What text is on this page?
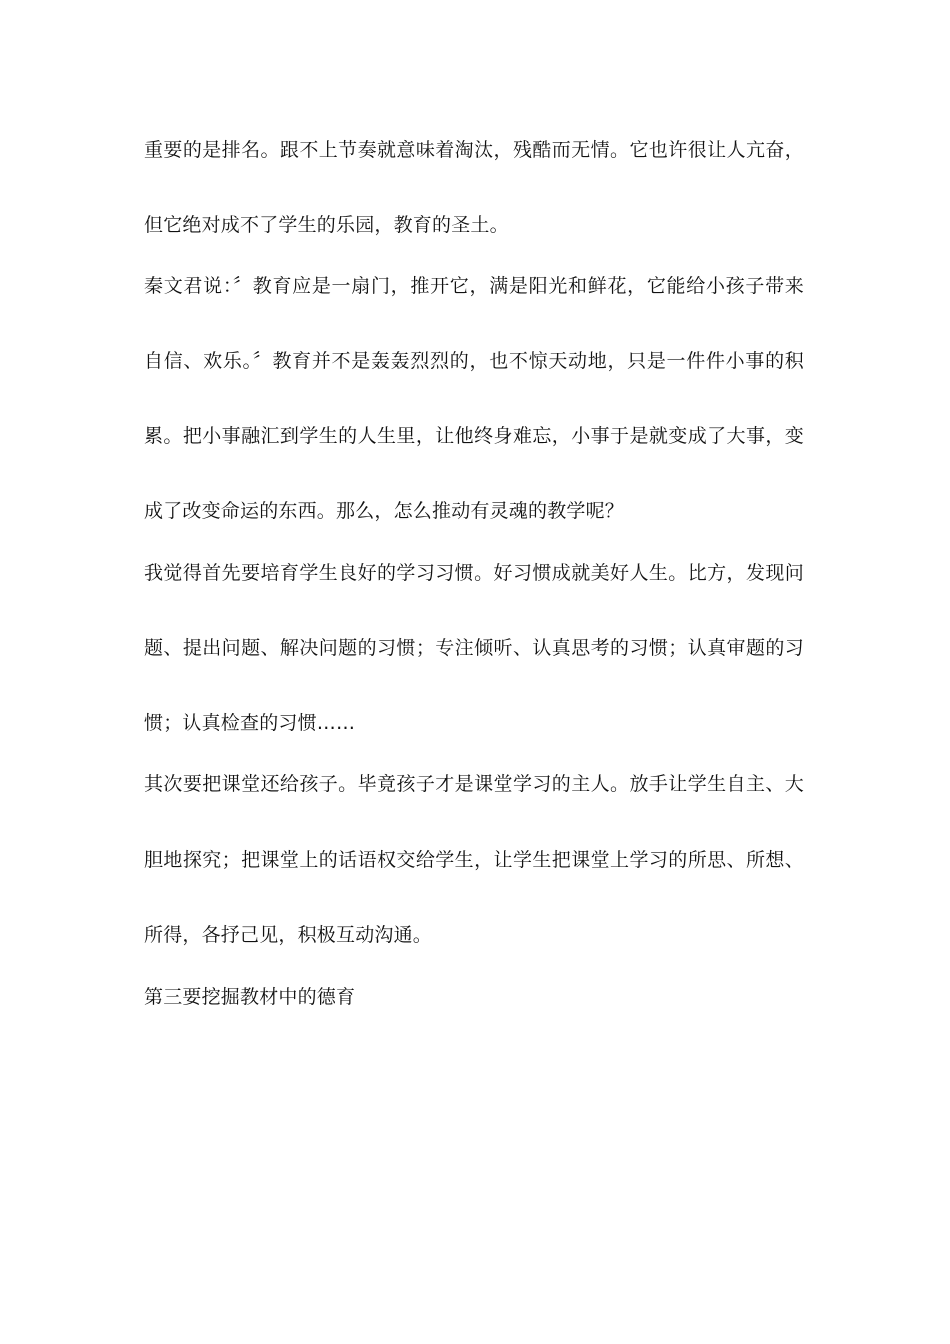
重要的是排名。跟不上节奏就意味着淘汰，残酷而无情。它也许很让人亢奋，
但它绝对成不了学生的乐园，教育的圣土。
秦文君说：〞教育应是一扇门，推开它，满是阳光和鲜花，它能给小孩子带来
自信、欢乐。〞教育并不是轰轰烈烈的，也不惊天动地，只是一件件小事的积
累。把小事融汇到学生的人生里，让他终身难忘，小事于是就变成了大事，变
成了改变命运的东西。那么，怎么推动有灵魂的教学呢？
我觉得首先要培育学生良好的学习习惯。好习惯成就美好人生。比方，发现问
题、提出问题、解决问题的习惯；专注倾听、认真思考的习惯；认真审题的习
惯；认真检查的习惯……
其次要把课堂还给孩子。毕竟孩子才是课堂学习的主人。放手让学生自主、大
胆地探究；把课堂上的话语权交给学生，让学生把课堂上学习的所思、所想、
所得，各抒己见，积极互动沟通。
第三要挖掘教材中的德育
